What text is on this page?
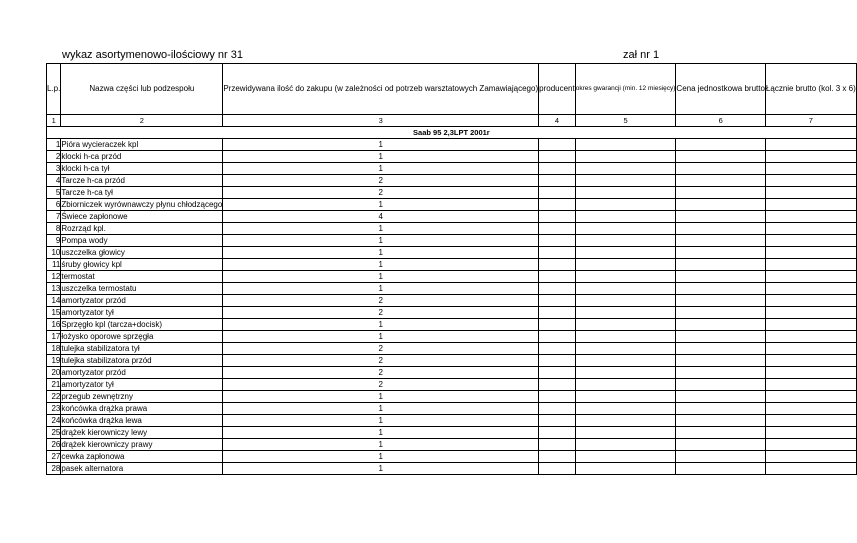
wykaz asortymenowo-ilościowy nr 31	zał nr 1
L.p.	Nazwa części lub podzespołu	Przewidywana ilość do zakupu (w zależności od potrzeb warsztatowych Zamawiającego)	producent	okres gwarancji (min. 12 miesięcy)	Cena jednostkowa brutto	Łącznie brutto (kol. 3 x 6)
1	2	3	4	5	6	7
Saab 95 2,3LPT 2001r						
1	Pióra wycieraczek kpl	1				
2	klocki h-ca przód	1				
3	klocki h-ca tył	1				
4	Tarcze h-ca przód	2				
5	Tarcze h-ca tył	2				
6	Zbiorniczek wyrównawczy płynu chłodzącego	1				
7	Świece zapłonowe	4				
8	Rozrząd kpl.	1				
9	Pompa wody	1				
10	uszczelka głowicy	1				
11	śruby głowicy kpl	1				
12	termostat	1				
13	uszczelka termostatu	1				
14	amortyzator przód	2				
15	amortyzator tył	2				
16	Sprzęgło kpl (tarcza+docisk)	1				
17	łożysko oporowe sprzęgła	1				
18	tulejka stabilizatora tył	2				
19	tulejka stabilizatora przód	2				
20	amortyzator przód	2				
21	amortyzator tył	2				
22	przegub zewnętrzny	1				
23	końcówka drążka prawa	1				
24	końcówka drążka lewa	1				
25	drążek kierowniczy lewy	1				
26	drążek kierowniczy prawy	1				
27	cewka zapłonowa	1				
28	pasek alternatora	1				
